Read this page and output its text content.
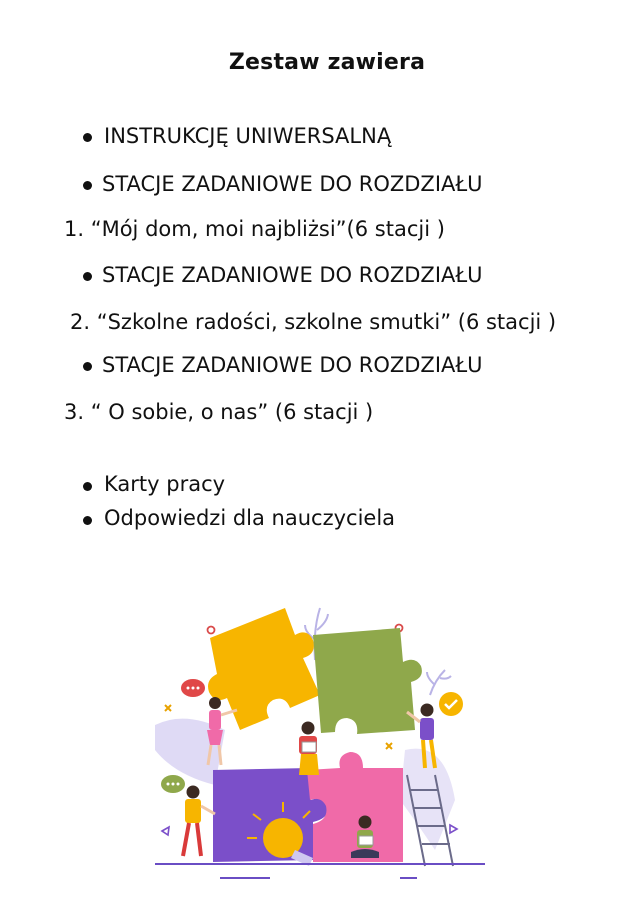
Zestaw zawiera
INSTRUKCJĘ UNIWERSALNĄ
STACJE ZADANIOWE DO ROZDZIAŁU
1. “Mój dom, moi najbliżsi”(6 stacji )
STACJE ZADANIOWE DO ROZDZIAŁU
2. “Szkolne radości, szkolne smutki” (6 stacji )
STACJE ZADANIOWE DO ROZDZIAŁU
3. “ O sobie, o nas” (6 stacji )
Karty pracy
Odpowiedzi dla nauczyciela
